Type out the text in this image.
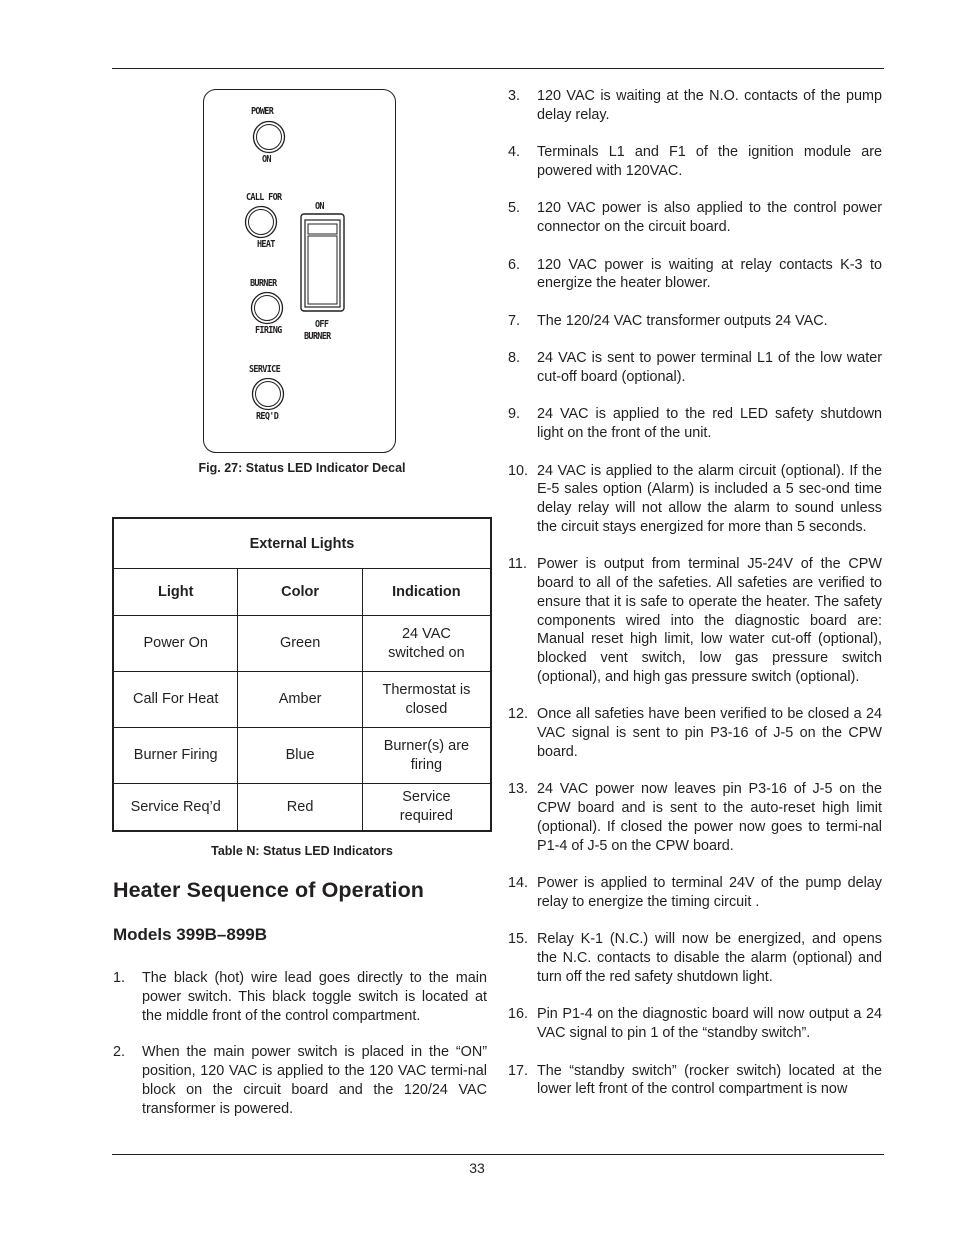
POWER
ON
CALL FOR
HEAT
BURNER
FIRING
SERVICE
REQ'D
ON
OFF
BURNER
Fig. 27: Status LED Indicator Decal
External Lights		
Light	Color	Indication
Power On	Green	24 VAC switched on
Call For Heat	Amber	Thermostat is closed
Burner Firing	Blue	Burner(s) are firing
Service Req’d	Red	Service required
Table N: Status LED Indicators
Heater Sequence of Operation
Models 399B–899B
1. The black (hot) wire lead goes directly to the main power switch. This black toggle switch is located at the middle front of the control compartment.
2. When the main power switch is placed in the “ON” position, 120 VAC is applied to the 120 VAC termi-nal block on the circuit board and the 120/24 VAC transformer is powered.
3. 120 VAC is waiting at the N.O. contacts of the pump delay relay.
4. Terminals L1 and F1 of the ignition module are powered with 120VAC.
5. 120 VAC power is also applied to the control power connector on the circuit board.
6. 120 VAC power is waiting at relay contacts K-3 to energize the heater blower.
7. The 120/24 VAC transformer outputs 24 VAC.
8. 24 VAC is sent to power terminal L1 of the low water cut-off board (optional).
9. 24 VAC is applied to the red LED safety shutdown light on the front of the unit.
10. 24 VAC is applied to the alarm circuit (optional). If the E-5 sales option (Alarm) is included a 5 sec-ond time delay relay will not allow the alarm to sound unless the circuit stays energized for more than 5 seconds.
11. Power is output from terminal J5-24V of the CPW board to all of the safeties. All safeties are verified to ensure that it is safe to operate the heater. The safety components wired into the diagnostic board are: Manual reset high limit, low water cut-off (optional), blocked vent switch, low gas pressure switch (optional), and high gas pressure switch (optional).
12. Once all safeties have been verified to be closed a 24 VAC signal is sent to pin P3-16 of J-5 on the CPW board.
13. 24 VAC power now leaves pin P3-16 of J-5 on the CPW board and is sent to the auto-reset high limit (optional). If closed the power now goes to termi-nal P1-4 of J-5 on the CPW board.
14. Power is applied to terminal 24V of the pump delay relay to energize the timing circuit .
15. Relay K-1 (N.C.) will now be energized, and opens the N.C. contacts to disable the alarm (optional) and turn off the red safety shutdown light.
16. Pin P1-4 on the diagnostic board will now output a 24 VAC signal to pin 1 of the “standby switch”.
17. The “standby switch” (rocker switch) located at the lower left front of the control compartment is now
33
